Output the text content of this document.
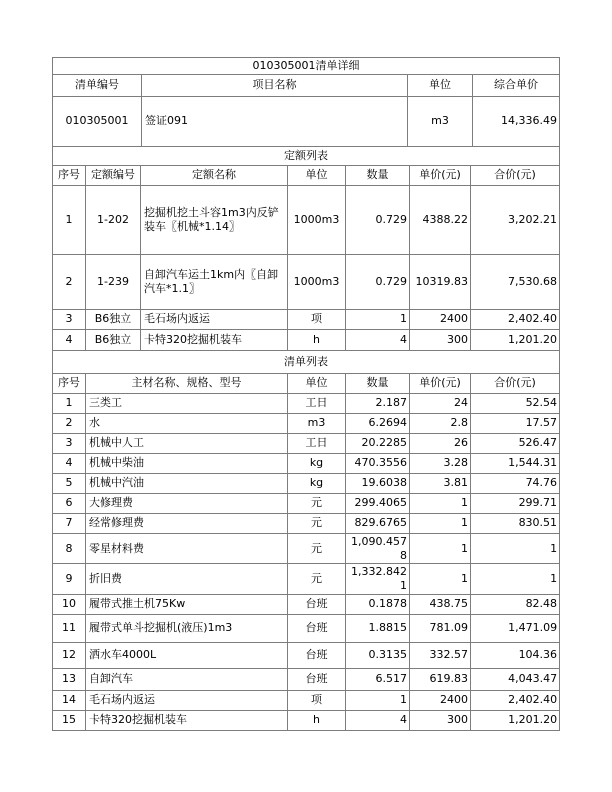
010305001清单详细			
清单编号	项目名称	单位	综合单价
010305001	签证091	m3	14,336.49
定额列表						
序号	定额编号	定额名称	单位	数量	单价(元)	合价(元)
1	1-202	挖掘机挖土斗容1m3内反铲装车〖机械*1.14〗	1000m3	0.729	4388.22	3,202.21
2	1-239	自卸汽车运土1km内〖自卸汽车*1.1〗	1000m3	0.729	10319.83	7,530.68
3	B6独立	毛石场内返运	项	1	2400	2,402.40
4	B6独立	卡特320挖掘机装车	h	4	300	1,201.20
清单列表					
序号	主材名称、规格、型号	单位	数量	单价(元)	合价(元)
1	三类工	工日	2.187	24	52.54
2	水	m3	6.2694	2.8	17.57
3	机械中人工	工日	20.2285	26	526.47
4	机械中柴油	kg	470.3556	3.28	1,544.31
5	机械中汽油	kg	19.6038	3.81	74.76
6	大修理费	元	299.4065	1	299.71
7	经常修理费	元	829.6765	1	830.51
8	零星材料费	元	1,090.4578	1	1
9	折旧费	元	1,332.8421	1	1
10	履带式推土机75Kw	台班	0.1878	438.75	82.48
11	履带式单斗挖掘机(液压)1m3	台班	1.8815	781.09	1,471.09
12	洒水车4000L	台班	0.3135	332.57	104.36
13	自卸汽车	台班	6.517	619.83	4,043.47
14	毛石场内返运	项	1	2400	2,402.40
15	卡特320挖掘机装车	h	4	300	1,201.20
